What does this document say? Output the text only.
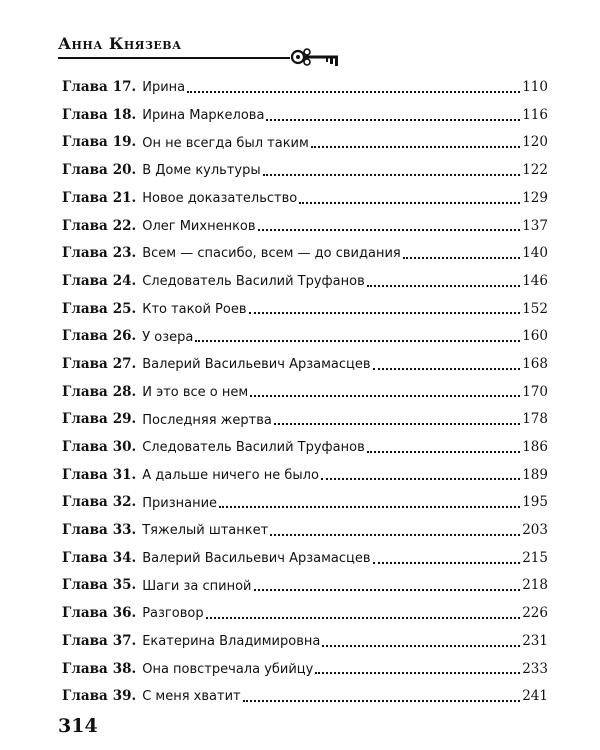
Анна Князева
Глава 17 . Ирина	110
Глава 18 . Ирина Маркелова	116
Глава 19 . Он не всегда был таким	120
Глава 20 . В Доме культуры	122
Глава 21 . Новое доказательство	129
Глава 22 . Олег Михненков	137
Глава 23 . Всем — спасибо, всем — до свидания	140
Глава 24 . Следователь Василий Труфанов	146
Глава 25 . Кто такой Роев	152
Глава 26 . У озера	160
Глава 27 . Валерий Васильевич Арзамасцев	168
Глава 28 . И это все о нем	170
Глава 29 . Последняя жертва	178
Глава 30 . Следователь Василий Труфанов	186
Глава 31 . А дальше ничего не было	189
Глава 32 . Признание	195
Глава 33 . Тяжелый штанкет	203
Глава 34 . Валерий Васильевич Арзамасцев	215
Глава 35 . Шаги за спиной	218
Глава 36 . Разговор	226
Глава 37 . Екатерина Владимировна	231
Глава 38 . Она повстречала убийцу	233
Глава 39 . С меня хватит	241
314
